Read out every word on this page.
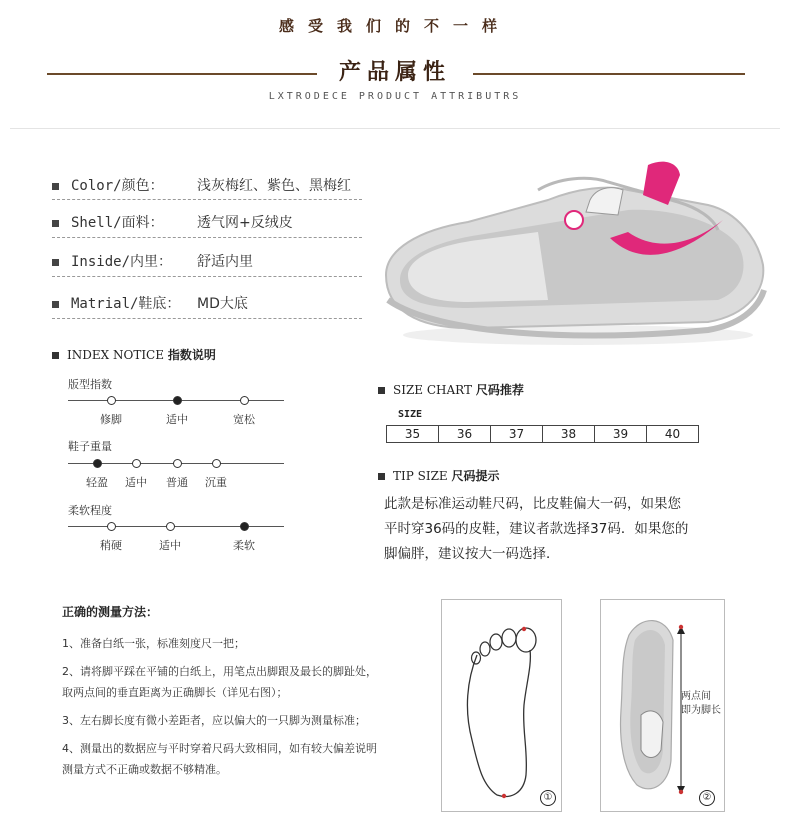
感受我们的不一样
产品属性
LXTRODECE PRODUCT ATTRIBUTRS
Color/颜色： 浅灰梅红、紫色、黑梅红
Shell/面料： 透气网+反绒皮
Inside/内里： 舒适内里
Matrial/鞋底： MD大底
INDEX NOTICE 指数说明
版型指数
修脚	适中	宽松
鞋子重量
轻盈	适中	普通	沉重
柔软程度
稍硬	适中	柔软
SIZE CHART 尺码推荐
SIZE
35	36	37	38	39	40
TIP SIZE 尺码提示
此款是标准运动鞋尺码，比皮鞋偏大一码，如果您
平时穿36码的皮鞋，建议者款选择37码．如果您的
脚偏胖，建议按大一码选择．
正确的测量方法：
1、准备白纸一张，标准刻度尺一把；
2、请将脚平踩在平铺的白纸上，用笔点出脚跟及最长的脚趾处，
取两点间的垂直距离为正确脚长（详见右图）；
3、左右脚长度有微小差距者，应以偏大的一只脚为测量标准；
4、测量出的数据应与平时穿着尺码大致相同，如有较大偏差说明
测量方式不正确或数据不够精准。
①
两点间
即为脚长
②
